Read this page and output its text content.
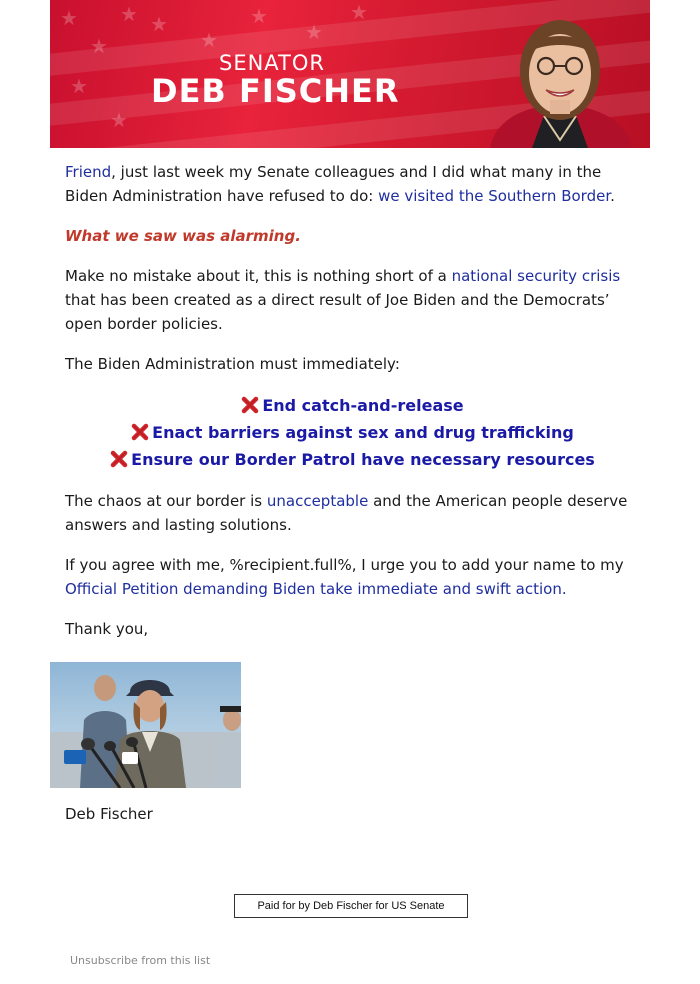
★ ★
★
★
★
★
★
★
★
★
SENATOR
DEB FISCHER

Friend, just last week my Senate colleagues and I did what many in the Biden Administration have refused to do: we visited the Southern Border.

What we saw was alarming.

Make no mistake about it, this is nothing short of a national security crisis that has been created as a direct result of Joe Biden and the Democrats’ open border policies.

The Biden Administration must immediately:

End catch-and-release
Enact barriers against sex and drug trafficking
Ensure our Border Patrol have necessary resources

The chaos at our border is unacceptable and the American people deserve answers and lasting solutions.

If you agree with me, %recipient.full%, I urge you to add your name to my Official Petition demanding Biden take immediate and swift action.

Thank you,

Deb Fischer
Paid for by Deb Fischer for US Senate
Unsubscribe from this list
